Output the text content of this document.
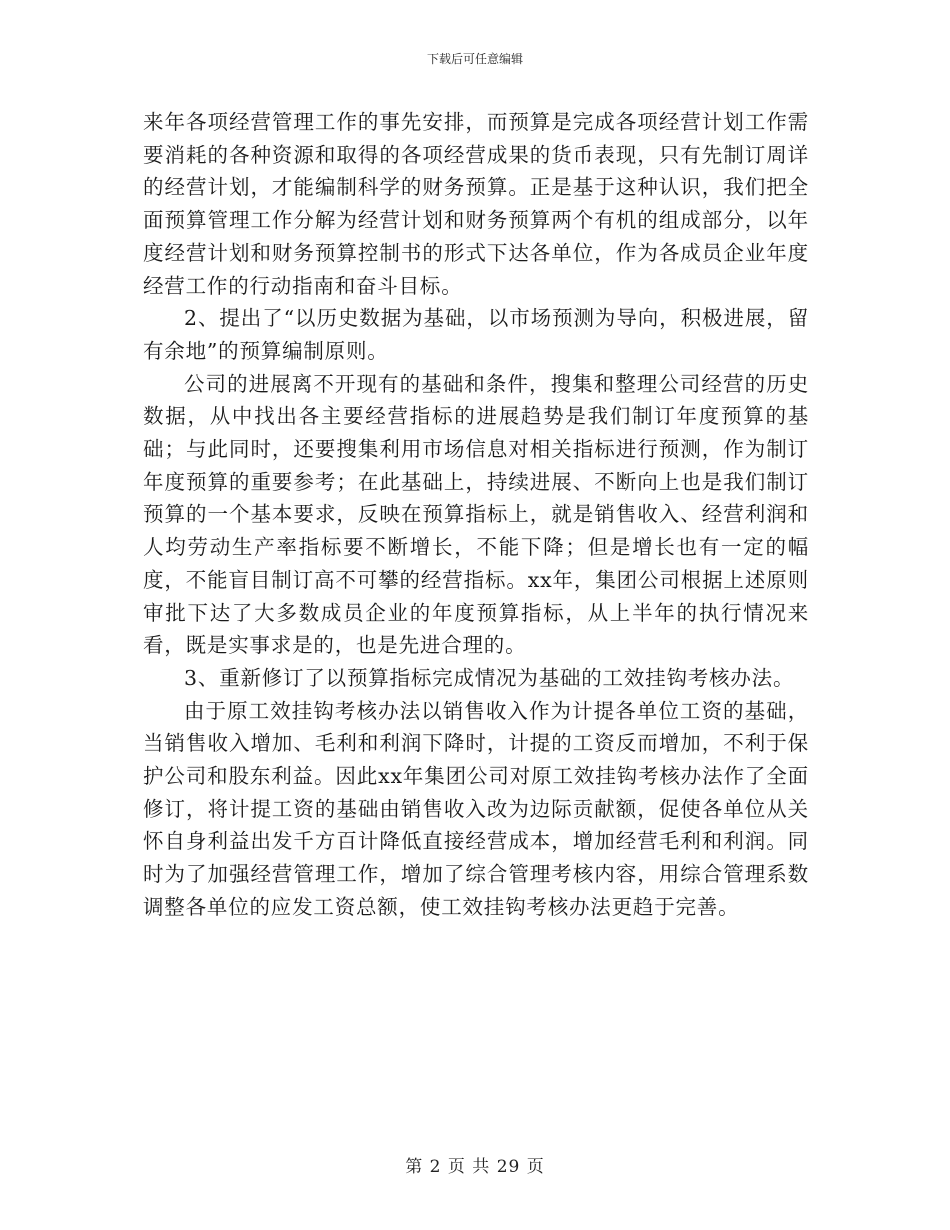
下载后可任意编辑

来年各项经营管理工作的事先安排，而预算是完成各项经营计划工作需要消耗的各种资源和取得的各项经营成果的货币表现，只有先制订周详的经营计划，才能编制科学的财务预算。正是基于这种认识，我们把全面预算管理工作分解为经营计划和财务预算两个有机的组成部分，以年度经营计划和财务预算控制书的形式下达各单位，作为各成员企业年度经营工作的行动指南和奋斗目标。

2、提出了“以历史数据为基础，以市场预测为导向，积极进展，留有余地”的预算编制原则。

公司的进展离不开现有的基础和条件，搜集和整理公司经营的历史数据，从中找出各主要经营指标的进展趋势是我们制订年度预算的基础；与此同时，还要搜集利用市场信息对相关指标进行预测，作为制订年度预算的重要参考；在此基础上，持续进展、不断向上也是我们制订预算的一个基本要求，反映在预算指标上，就是销售收入、经营利润和人均劳动生产率指标要不断增长，不能下降；但是增长也有一定的幅度，不能盲目制订高不可攀的经营指标。xx年，集团公司根据上述原则审批下达了大多数成员企业的年度预算指标，从上半年的执行情况来看，既是实事求是的，也是先进合理的。

3、重新修订了以预算指标完成情况为基础的工效挂钩考核办法。

由于原工效挂钩考核办法以销售收入作为计提各单位工资的基础，当销售收入增加、毛利和利润下降时，计提的工资反而增加，不利于保护公司和股东利益。因此xx年集团公司对原工效挂钩考核办法作了全面修订，将计提工资的基础由销售收入改为边际贡献额，促使各单位从关怀自身利益出发千方百计降低直接经营成本，增加经营毛利和利润。同时为了加强经营管理工作，增加了综合管理考核内容，用综合管理系数调整各单位的应发工资总额，使工效挂钩考核办法更趋于完善。

第 2 页 共 29 页
